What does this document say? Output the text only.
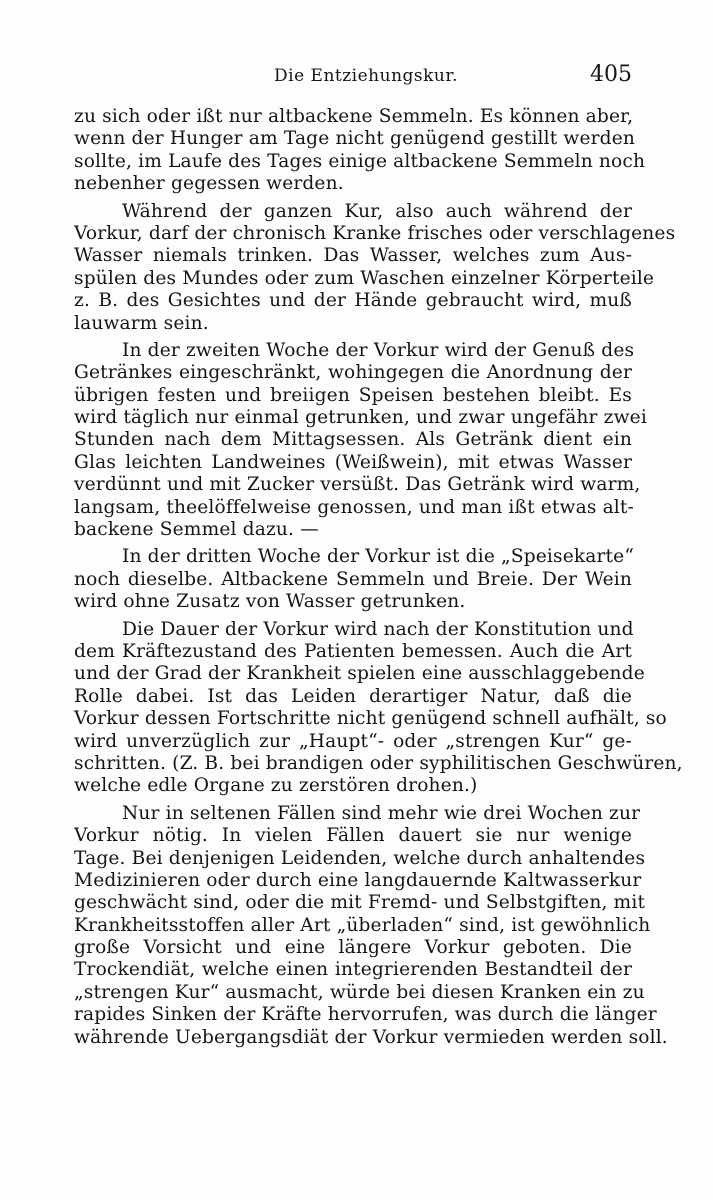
Die Entziehungskur.	405
zu sich oder ißt nur altbackene Semmeln. Es können aber,
wenn der Hunger am Tage nicht genügend gestillt werden
sollte, im Laufe des Tages einige altbackene Semmeln noch
nebenher gegessen werden.
Während der ganzen Kur, also auch während der
Vorkur, darf der chronisch Kranke frisches oder verschlagenes
Wasser niemals trinken. Das Wasser, welches zum Aus-
spülen des Mundes oder zum Waschen einzelner Körperteile
z. B. des Gesichtes und der Hände gebraucht wird, muß
lauwarm sein.
In der zweiten Woche der Vorkur wird der Genuß des
Getränkes eingeschränkt, wohingegen die Anordnung der
übrigen festen und breiigen Speisen bestehen bleibt. Es
wird täglich nur einmal getrunken, und zwar ungefähr zwei
Stunden nach dem Mittagsessen. Als Getränk dient ein
Glas leichten Landweines (Weißwein), mit etwas Wasser
verdünnt und mit Zucker versüßt. Das Getränk wird warm,
langsam, theelöffelweise genossen, und man ißt etwas alt-
backene Semmel dazu. —
In der dritten Woche der Vorkur ist die „Speisekarte“
noch dieselbe. Altbackene Semmeln und Breie. Der Wein
wird ohne Zusatz von Wasser getrunken.
Die Dauer der Vorkur wird nach der Konstitution und
dem Kräftezustand des Patienten bemessen. Auch die Art
und der Grad der Krankheit spielen eine ausschlaggebende
Rolle dabei. Ist das Leiden derartiger Natur, daß die
Vorkur dessen Fortschritte nicht genügend schnell aufhält, so
wird unverzüglich zur „Haupt“- oder „strengen Kur“ ge-
schritten. (Z. B. bei brandigen oder syphilitischen Geschwüren,
welche edle Organe zu zerstören drohen.)
Nur in seltenen Fällen sind mehr wie drei Wochen zur
Vorkur nötig. In vielen Fällen dauert sie nur wenige
Tage. Bei denjenigen Leidenden, welche durch anhaltendes
Medizinieren oder durch eine langdauernde Kaltwasserkur
geschwächt sind, oder die mit Fremd- und Selbstgiften, mit
Krankheitsstoffen aller Art „überladen“ sind, ist gewöhnlich
große Vorsicht und eine längere Vorkur geboten. Die
Trockendiät, welche einen integrierenden Bestandteil der
„strengen Kur“ ausmacht, würde bei diesen Kranken ein zu
rapides Sinken der Kräfte hervorrufen, was durch die länger
währende Uebergangsdiät der Vorkur vermieden werden soll.
